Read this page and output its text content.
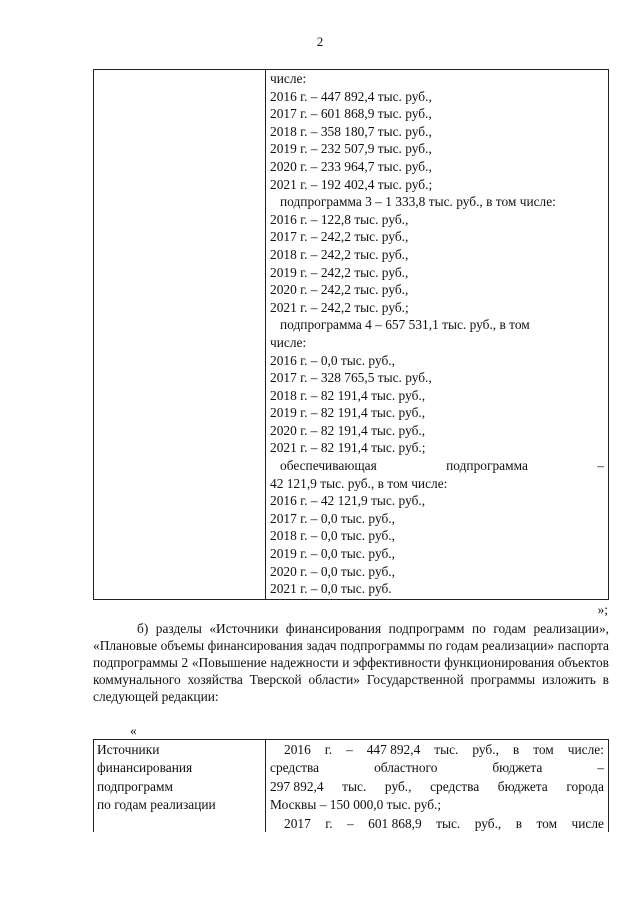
2
числе:
2016 г. – 447 892,4 тыс. руб.,
2017 г. – 601 868,9 тыс. руб.,
2018 г. – 358 180,7 тыс. руб.,
2019 г. – 232 507,9 тыс. руб.,
2020 г. – 233 964,7 тыс. руб.,
2021 г. – 192 402,4 тыс. руб.;
подпрограмма 3 – 1 333,8 тыс. руб., в том числе:
2016 г. – 122,8 тыс. руб.,
2017 г. – 242,2 тыс. руб.,
2018 г. – 242,2 тыс. руб.,
2019 г. – 242,2 тыс. руб.,
2020 г. – 242,2 тыс. руб.,
2021 г. – 242,2 тыс. руб.;
подпрограмма 4 – 657 531,1 тыс. руб., в том
числе:
2016 г. – 0,0 тыс. руб.,
2017 г. – 328 765,5 тыс. руб.,
2018 г. – 82 191,4 тыс. руб.,
2019 г. – 82 191,4 тыс. руб.,
2020 г. – 82 191,4 тыс. руб.,
2021 г. – 82 191,4 тыс. руб.;
обеспечивающая	подпрограмма	–
42 121,9 тыс. руб., в том числе:
2016 г. – 42 121,9 тыс. руб.,
2017 г. – 0,0 тыс. руб.,
2018 г. – 0,0 тыс. руб.,
2019 г. – 0,0 тыс. руб.,
2020 г. – 0,0 тыс. руб.,
2021 г. – 0,0 тыс. руб.
»;
б) разделы «Источники финансирования подпрограмм по годам реализации», «Плановые объемы финансирования задач подпрограммы по годам реализации» паспорта подпрограммы 2 «Повышение надежности и эффективности функционирования объектов коммунального хозяйства Тверской области» Государственной программы изложить в следующей редакции:
«
Источники
финансирования
подпрограмм
по годам реализации
2016 г. – 447 892,4 тыс. руб., в том числе:
средства	областного	бюджета	–
297 892,4 тыс. руб., средства бюджета города
Москвы – 150 000,0 тыс. руб.;
2017 г. – 601 868,9 тыс. руб., в том числе
